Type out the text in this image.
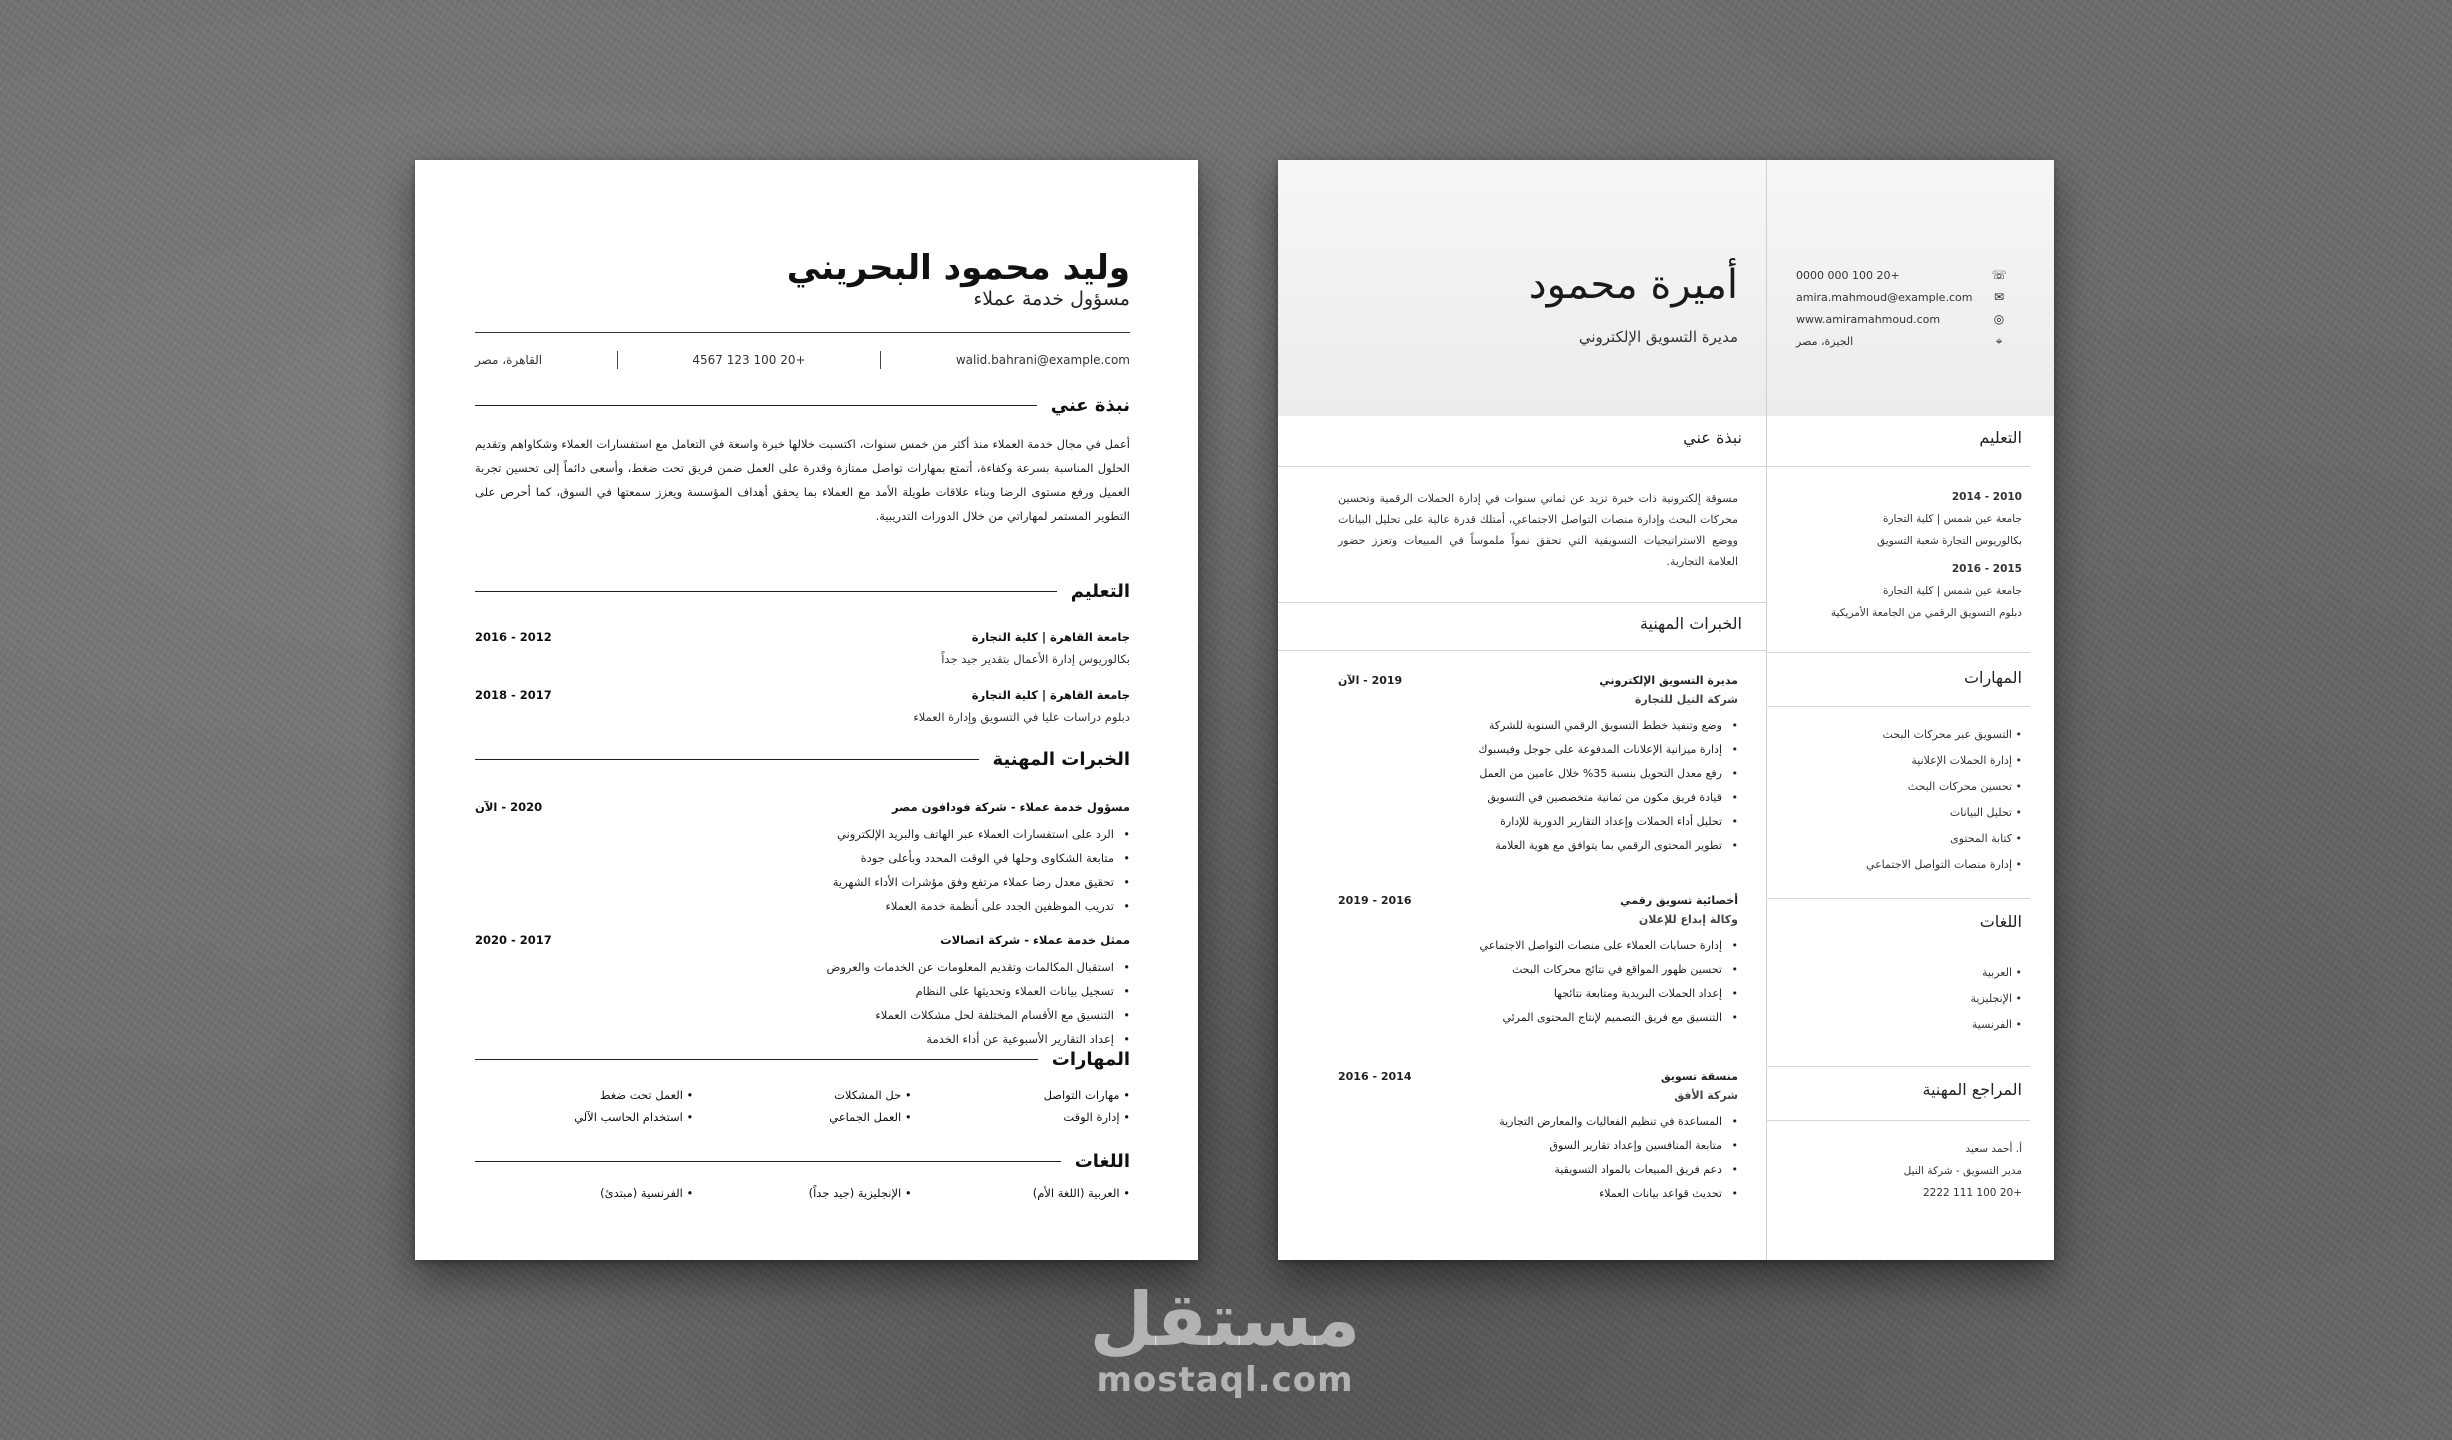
وليد محمود البحريني
مسؤول خدمة عملاء
walid.bahrani@example.com
+20 100 123 4567
القاهرة، مصر
نبذة عني

أعمل في مجال خدمة العملاء منذ أكثر من خمس سنوات، اكتسبت خلالها خبرة واسعة في التعامل مع استفسارات العملاء وشكاواهم وتقديم الحلول المناسبة بسرعة وكفاءة، أتمتع بمهارات تواصل ممتازة وقدرة على العمل ضمن فريق تحت ضغط، وأسعى دائماً إلى تحسين تجربة العميل ورفع مستوى الرضا وبناء علاقات طويلة الأمد مع العملاء بما يحقق أهداف المؤسسة ويعزز سمعتها في السوق، كما أحرص على التطوير المستمر لمهاراتي من خلال الدورات التدريبية.

التعليم
جامعة القاهرة | كلية التجارة
2012 - 2016
بكالوريوس إدارة الأعمال بتقدير جيد جداً
جامعة القاهرة | كلية التجارة
2017 - 2018
دبلوم دراسات عليا في التسويق وإدارة العملاء
الخبرات المهنية
مسؤول خدمة عملاء - شركة فودافون مصر
2020 - الآن
• الرد على استفسارات العملاء عبر الهاتف والبريد الإلكتروني
• متابعة الشكاوى وحلها في الوقت المحدد وبأعلى جودة
• تحقيق معدل رضا عملاء مرتفع وفق مؤشرات الأداء الشهرية
• تدريب الموظفين الجدد على أنظمة خدمة العملاء
ممثل خدمة عملاء - شركة اتصالات
2017 - 2020
• استقبال المكالمات وتقديم المعلومات عن الخدمات والعروض
• تسجيل بيانات العملاء وتحديثها على النظام
• التنسيق مع الأقسام المختلفة لحل مشكلات العملاء
• إعداد التقارير الأسبوعية عن أداء الخدمة
المهارات
• مهارات التواصل
• حل المشكلات
• العمل تحت ضغط
• إدارة الوقت
• العمل الجماعي
• استخدام الحاسب الآلي
اللغات
• العربية (اللغة الأم)
• الإنجليزية (جيد جداً)
• الفرنسية (مبتدئ)
أميرة محمود
مديرة التسويق الإلكتروني
☏
+20 100 000 0000
✉
amira.mahmoud@example.com
◎
www.amiramahmoud.com
⌖
الجيزة، مصر
نبذة عني

مسوقة إلكترونية ذات خبرة تزيد عن ثماني سنوات في إدارة الحملات الرقمية وتحسين محركات البحث وإدارة منصات التواصل الاجتماعي، أمتلك قدرة عالية على تحليل البيانات ووضع الاستراتيجيات التسويقية التي تحقق نمواً ملموساً في المبيعات وتعزز حضور العلامة التجارية.

الخبرات المهنية
مديرة التسويق الإلكتروني
2019 - الآن
شركة النيل للتجارة
• وضع وتنفيذ خطط التسويق الرقمي السنوية للشركة
• إدارة ميزانية الإعلانات المدفوعة على جوجل وفيسبوك
• رفع معدل التحويل بنسبة 35% خلال عامين من العمل
• قيادة فريق مكون من ثمانية متخصصين في التسويق
• تحليل أداء الحملات وإعداد التقارير الدورية للإدارة
• تطوير المحتوى الرقمي بما يتوافق مع هوية العلامة
أخصائية تسويق رقمي
2016 - 2019
وكالة إبداع للإعلان
• إدارة حسابات العملاء على منصات التواصل الاجتماعي
• تحسين ظهور المواقع في نتائج محركات البحث
• إعداد الحملات البريدية ومتابعة نتائجها
• التنسيق مع فريق التصميم لإنتاج المحتوى المرئي
منسقة تسويق
2014 - 2016
شركة الأفق
• المساعدة في تنظيم الفعاليات والمعارض التجارية
• متابعة المنافسين وإعداد تقارير السوق
• دعم فريق المبيعات بالمواد التسويقية
• تحديث قواعد بيانات العملاء
التعليم
2010 - 2014
جامعة عين شمس | كلية التجارة
بكالوريوس التجارة شعبة التسويق
2015 - 2016
جامعة عين شمس | كلية التجارة
دبلوم التسويق الرقمي من الجامعة الأمريكية
المهارات
• التسويق عبر محركات البحث
• إدارة الحملات الإعلانية
• تحسين محركات البحث
• تحليل البيانات
• كتابة المحتوى
• إدارة منصات التواصل الاجتماعي
اللغات
• العربية
• الإنجليزية
• الفرنسية
المراجع المهنية
أ. أحمد سعيد
مدير التسويق - شركة النيل
+20 100 111 2222
مستقل
mostaql.com
